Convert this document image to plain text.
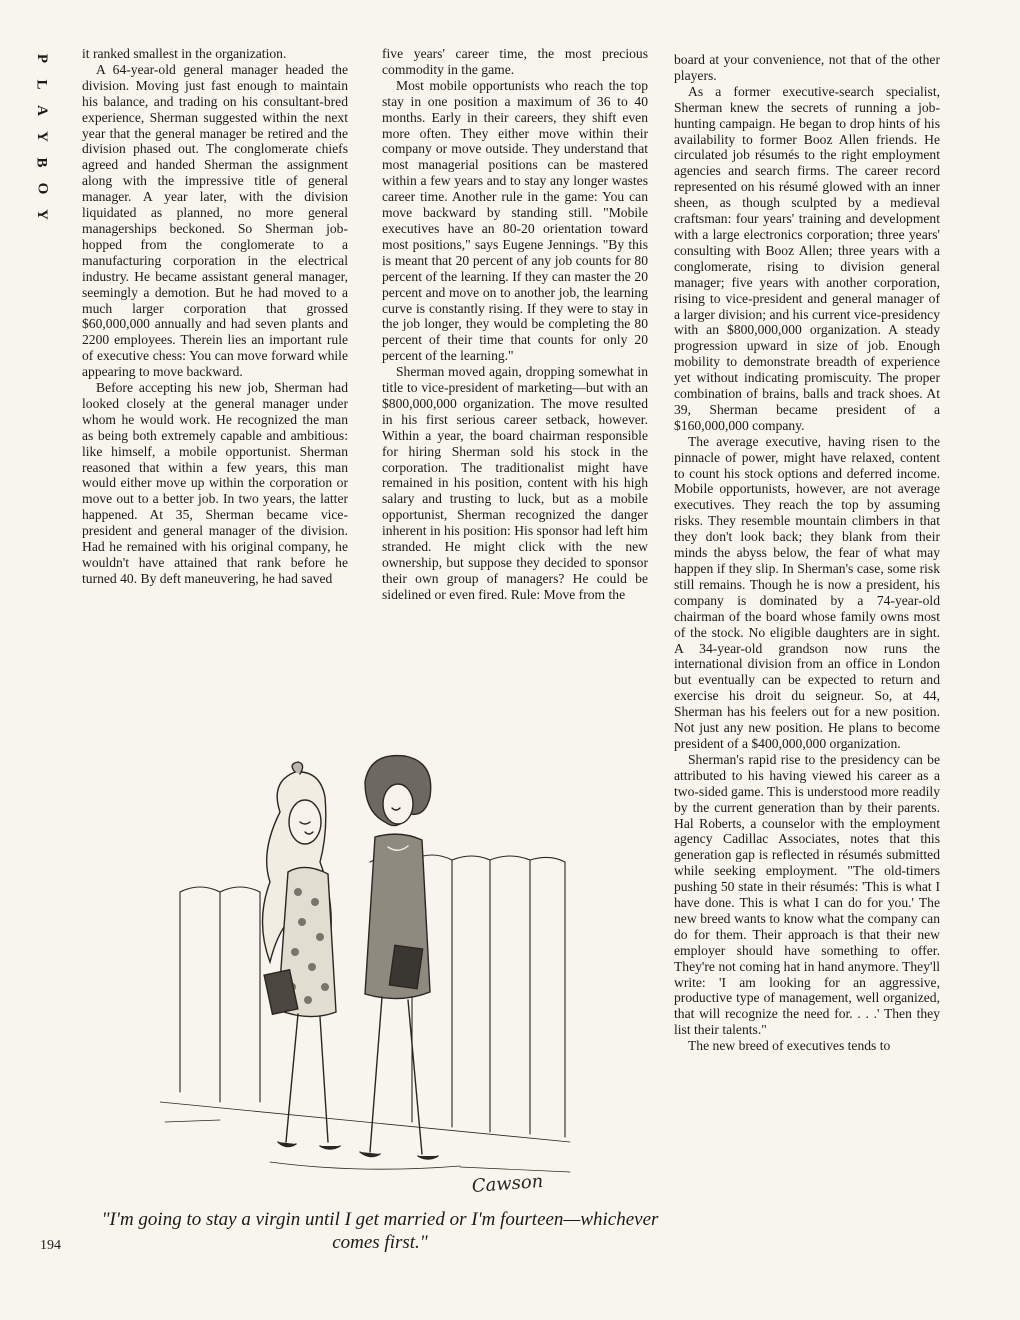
P
L
A
Y
B
O
Y

it ranked smallest in the organization.

A 64-year-old general manager headed the division. Moving just fast enough to maintain his balance, and trading on his consultant-bred experience, Sherman suggested within the next year that the general manager be retired and the division phased out. The conglomerate chiefs agreed and handed Sherman the assignment along with the impressive title of general manager. A year later, with the division liquidated as planned, no more general managerships beckoned. So Sherman job-hopped from the conglomerate to a manufacturing corporation in the electrical industry. He became assistant general manager, seemingly a demotion. But he had moved to a much larger corporation that grossed $60,000,000 annually and had seven plants and 2200 employees. Therein lies an important rule of executive chess: You can move forward while appearing to move backward.

Before accepting his new job, Sherman had looked closely at the general manager under whom he would work. He recognized the man as being both extremely capable and ambitious: like himself, a mobile opportunist. Sherman reasoned that within a few years, this man would either move up within the corporation or move out to a better job. In two years, the latter happened. At 35, Sherman became vice-president and general manager of the division. Had he remained with his original company, he wouldn't have attained that rank before he turned 40. By deft maneuvering, he had saved

five years' career time, the most precious commodity in the game.

Most mobile opportunists who reach the top stay in one position a maximum of 36 to 40 months. Early in their careers, they shift even more often. They either move within their company or move outside. They understand that most managerial positions can be mastered within a few years and to stay any longer wastes career time. Another rule in the game: You can move backward by standing still. "Mobile executives have an 80-20 orientation toward most positions," says Eugene Jennings. "By this is meant that 20 percent of any job counts for 80 percent of the learning. If they can master the 20 percent and move on to another job, the learning curve is constantly rising. If they were to stay in the job longer, they would be completing the 80 percent of their time that counts for only 20 percent of the learning."

Sherman moved again, dropping somewhat in title to vice-president of marketing—but with an $800,000,000 organization. The move resulted in his first serious career setback, however. Within a year, the board chairman responsible for hiring Sherman sold his stock in the corporation. The traditionalist might have remained in his position, content with his high salary and trusting to luck, but as a mobile opportunist, Sherman recognized the danger inherent in his position: His sponsor had left him stranded. He might click with the new ownership, but suppose they decided to sponsor their own group of managers? He could be sidelined or even fired. Rule: Move from the

board at your convenience, not that of the other players.

As a former executive-search specialist, Sherman knew the secrets of running a job-hunting campaign. He began to drop hints of his availability to former Booz Allen friends. He circulated job résumés to the right employment agencies and search firms. The career record represented on his résumé glowed with an inner sheen, as though sculpted by a medieval craftsman: four years' training and development with a large electronics corporation; three years' consulting with Booz Allen; three years with a conglomerate, rising to division general manager; five years with another corporation, rising to vice-president and general manager of a larger division; and his current vice-presidency with an $800,000,000 organization. A steady progression upward in size of job. Enough mobility to demonstrate breadth of experience yet without indicating promiscuity. The proper combination of brains, balls and track shoes. At 39, Sherman became president of a $160,000,000 company.

The average executive, having risen to the pinnacle of power, might have relaxed, content to count his stock options and deferred income. Mobile opportunists, however, are not average executives. They reach the top by assuming risks. They resemble mountain climbers in that they don't look back; they blank from their minds the abyss below, the fear of what may happen if they slip. In Sherman's case, some risk still remains. Though he is now a president, his company is dominated by a 74-year-old chairman of the board whose family owns most of the stock. No eligible daughters are in sight. A 34-year-old grandson now runs the international division from an office in London but eventually can be expected to return and exercise his droit du seigneur. So, at 44, Sherman has his feelers out for a new position. Not just any new position. He plans to become president of a $400,000,000 organization.

Sherman's rapid rise to the presidency can be attributed to his having viewed his career as a two-sided game. This is understood more readily by the current generation than by their parents. Hal Roberts, a counselor with the employment agency Cadillac Associates, notes that this generation gap is reflected in résumés submitted while seeking employment. "The old-timers pushing 50 state in their résumés: 'This is what I have done. This is what I can do for you.' The new breed wants to know what the company can do for them. Their approach is that their new employer should have something to offer. They're not coming hat in hand anymore. They'll write: 'I am looking for an aggressive, productive type of management, well organized, that will recognize the need for. . . .' Then they list their talents."

The new breed of executives tends to

Cawson
"I'm going to stay a virgin until I get married or I'm fourteen—whichever comes first."
194
